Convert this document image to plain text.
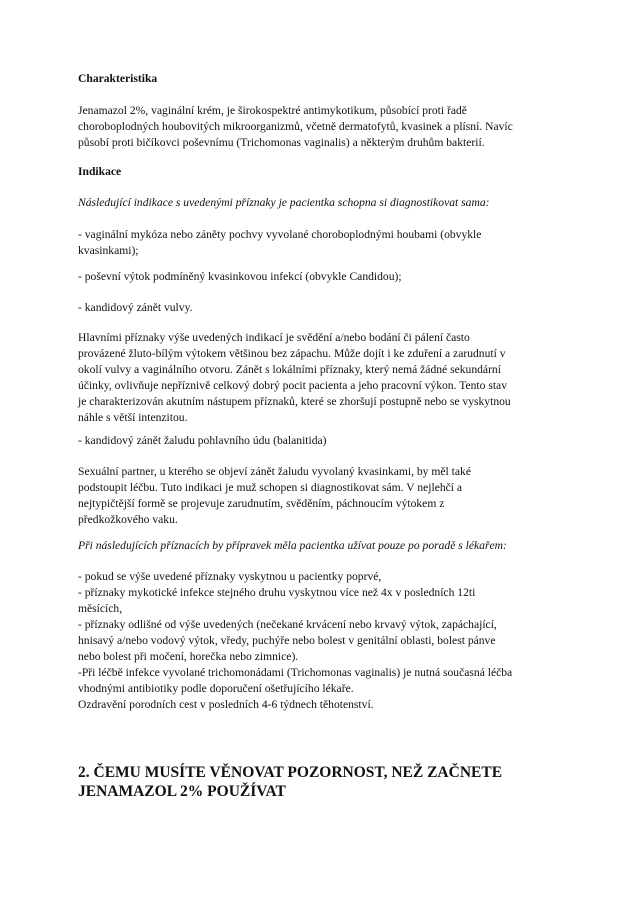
Charakteristika
Jenamazol 2%, vaginální krém, je širokospektré antimykotikum, působící proti řadě
choroboplodných houbovitých mikroorganizmů, včetně dermatofytů, kvasinek a plísní. Navíc
působí proti bičíkovci poševnímu (Trichomonas vaginalis) a některým druhům bakterií.
Indikace
Následující indikace s uvedenými příznaky je pacientka schopna si diagnostikovat sama:
- vaginální mykóza nebo záněty pochvy vyvolané choroboplodnými houbami (obvykle
kvasinkami);
- poševní výtok podmíněný kvasinkovou infekcí (obvykle Candidou);
- kandidový zánět vulvy.
Hlavními příznaky výše uvedených indikací je svědění a/nebo bodání či pálení často
provázené žluto-bílým výtokem většinou bez zápachu. Může dojít i ke zduření a zarudnutí v
okolí vulvy a vaginálního otvoru. Zánět s lokálními příznaky, který nemá žádné sekundární
účinky, ovlivňuje nepříznivě celkový dobrý pocit pacienta a jeho pracovní výkon. Tento stav
je charakterizován akutním nástupem příznaků, které se zhoršují postupně nebo se vyskytnou
náhle s větší intenzitou.
- kandidový zánět žaludu pohlavního údu (balanitida)
Sexuální partner, u kterého se objeví zánět žaludu vyvolaný kvasinkami, by měl také
podstoupit léčbu. Tuto indikaci je muž schopen si diagnostikovat sám. V nejlehčí a
nejtypičtější formě se projevuje zarudnutím, svěděním, páchnoucím výtokem z
předkožkového vaku.
Při následujících příznacích by přípravek měla pacientka užívat pouze po poradě s lékařem:
- pokud se výše uvedené příznaky vyskytnou u pacientky poprvé,
- příznaky mykotické infekce stejného druhu vyskytnou více než 4x v posledních 12ti
měsících,
- příznaky odlišné od výše uvedených (nečekané krvácení nebo krvavý výtok, zapáchající,
hnisavý a/nebo vodový výtok, vředy, puchýře nebo bolest v genitální oblasti, bolest pánve
nebo bolest při močení, horečka nebo zimnice).
-Při léčbě infekce vyvolané trichomonádami (Trichomonas vaginalis) je nutná současná léčba
vhodnými antibiotiky podle doporučení ošetřujícího lékaře.
Ozdravění porodních cest v posledních 4-6 týdnech těhotenství.
2. ČEMU MUSÍTE VĚNOVAT POZORNOST, NEŽ ZAČNETE
JENAMAZOL 2% POUŽÍVAT
